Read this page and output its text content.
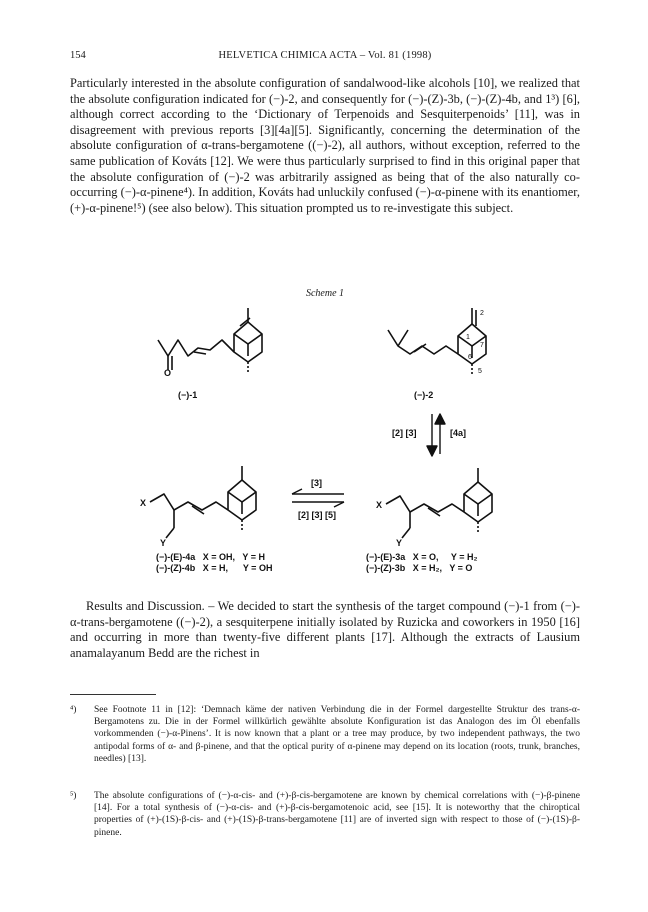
154	HELVETICA CHIMICA ACTA – Vol. 81 (1998)
Particularly interested in the absolute configuration of sandalwood-like alcohols [10], we realized that the absolute configuration indicated for (−)-2, and consequently for (−)-(Z)-3b, (−)-(Z)-4b, and 1³) [6], although correct according to the ‘Dictionary of Terpenoids and Sesquiterpenoids’ [11], was in disagreement with previous reports [3][4a][5]. Significantly, concerning the determination of the absolute configuration of α-trans-bergamotene ((−)-2), all authors, without exception, referred to the same publication of Kováts [12]. We were thus particularly surprised to find in this original paper that the absolute configuration of (−)-2 was arbitrarily assigned as being that of the also naturally co-occurring (−)-α-pinene⁴). In addition, Kováts had unluckily confused (−)-α-pinene with its enantiomer, (+)-α-pinene!⁵) (see also below). This situation prompted us to re-investigate this subject.
Scheme 1
O
(−)-1	(−)-2
1
2
5
6
7
[2] [3]	[4a]
[3]
[2] [3] [5]
X
Y
X
Y
(−)-(E)-4a   X = OH,   Y = H
(−)-(Z)-4b   X = H,      Y = OH
(−)-(E)-3a   X = O,     Y = H₂
(−)-(Z)-3b   X = H₂,   Y = O
Results and Discussion. – We decided to start the synthesis of the target compound (−)-1 from (−)-α-trans-bergamotene ((−)-2), a sesquiterpene initially isolated by Ruzicka and coworkers in 1950 [16] and occurring in more than twenty-five different plants [17]. Although the extracts of Lausium anamalayanum Bedd are the richest in
⁴) See Footnote 11 in [12]: ‘Demnach käme der nativen Verbindung die in der Formel dargestellte Struktur des trans-α-Bergamotens zu. Die in der Formel willkürlich gewählte absolute Konfiguration ist das Analogon des im Öl ebenfalls vorkommenden (−)-α-Pinens’. It is now known that a plant or a tree may produce, by two independent pathways, the two antipodal forms of α- and β-pinene, and that the optical purity of α-pinene may depend on its location (roots, trunk, branches, needles) [13].
⁵) The absolute configurations of (−)-α-cis- and (+)-β-cis-bergamotene are known by chemical correlations with (−)-β-pinene [14]. For a total synthesis of (−)-α-cis- and (+)-β-cis-bergamotenoic acid, see [15]. It is noteworthy that the chiroptical properties of (+)-(1S)-β-cis- and (+)-(1S)-β-trans-bergamotene [11] are of inverted sign with respect to those of (−)-(1S)-β-pinene.
